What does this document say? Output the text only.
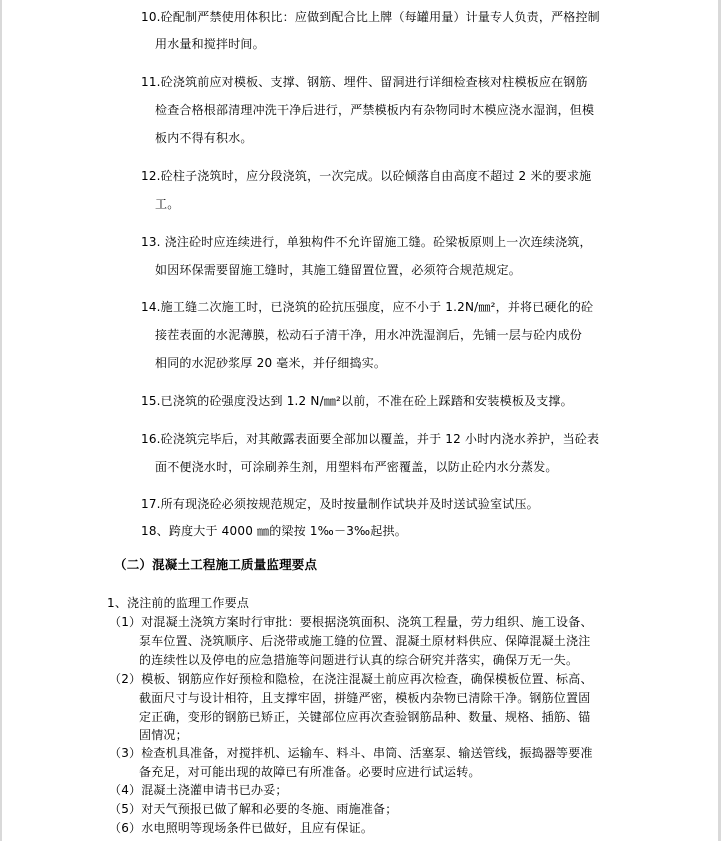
10.砼配制严禁使用体积比：应做到配合比上牌（每罐用量）计量专人负责，严格控制
用水量和搅拌时间。
11.砼浇筑前应对模板、支撑、钢筋、埋件、留洞进行详细检查核对柱模板应在钢筋
检查合格根部清理冲洗干净后进行，严禁模板内有杂物同时木模应浇水湿润，但模
板内不得有积水。
12.砼柱子浇筑时，应分段浇筑，一次完成。以砼倾落自由高度不超过 2 米的要求施
工。
13. 浇注砼时应连续进行，单独构件不允许留施工缝。砼梁板原则上一次连续浇筑，
如因环保需要留施工缝时，其施工缝留置位置，必须符合规范规定。
14.施工缝二次施工时，已浇筑的砼抗压强度，应不小于 1.2N/㎜²，并将已硬化的砼
接茬表面的水泥薄膜，松动石子清干净，用水冲洗湿润后，先铺一层与砼内成份
相同的水泥砂浆厚 20 毫米，并仔细捣实。
15.已浇筑的砼强度没达到 1.2 N/㎜²以前，不准在砼上踩踏和安装模板及支撑。
16.砼浇筑完毕后，对其敞露表面要全部加以覆盖，并于 12 小时内浇水养护，当砼表
面不便浇水时，可涂刷养生剂，用塑料布严密覆盖，以防止砼内水分蒸发。
17.所有现浇砼必须按规范规定，及时按量制作试块并及时送试验室试压。
18、跨度大于 4000 ㎜的梁按 1‰－3‰起拱。
（二）混凝土工程施工质量监理要点
1、浇注前的监理工作要点
（1）对混凝土浇筑方案时行审批：要根据浇筑面积、浇筑工程量，劳力组织、施工设备、
泵车位置、浇筑顺序、后浇带或施工缝的位置、混凝土原材料供应、保障混凝土浇注
的连续性以及停电的应急措施等问题进行认真的综合研究并落实，确保万无一失。
（2）模板、钢筋应作好预检和隐检，在浇注混凝土前应再次检查，确保模板位置、标高、
截面尺寸与设计相符，且支撑牢固，拼缝严密，模板内杂物已清除干净。钢筋位置固
定正确，变形的钢筋已矫正，关键部位应再次查验钢筋品种、数量、规格、插筋、锚
固情况；
（3）检查机具准备，对搅拌机、运输车、料斗、串筒、活塞泵、输送管线，振捣器等要准
备充足，对可能出现的故障已有所准备。必要时应进行试运转。
（4）混凝土浇灌申请书已办妥；
（5）对天气预报已做了解和必要的冬施、雨施准备；
（6）水电照明等现场条件已做好，且应有保证。
